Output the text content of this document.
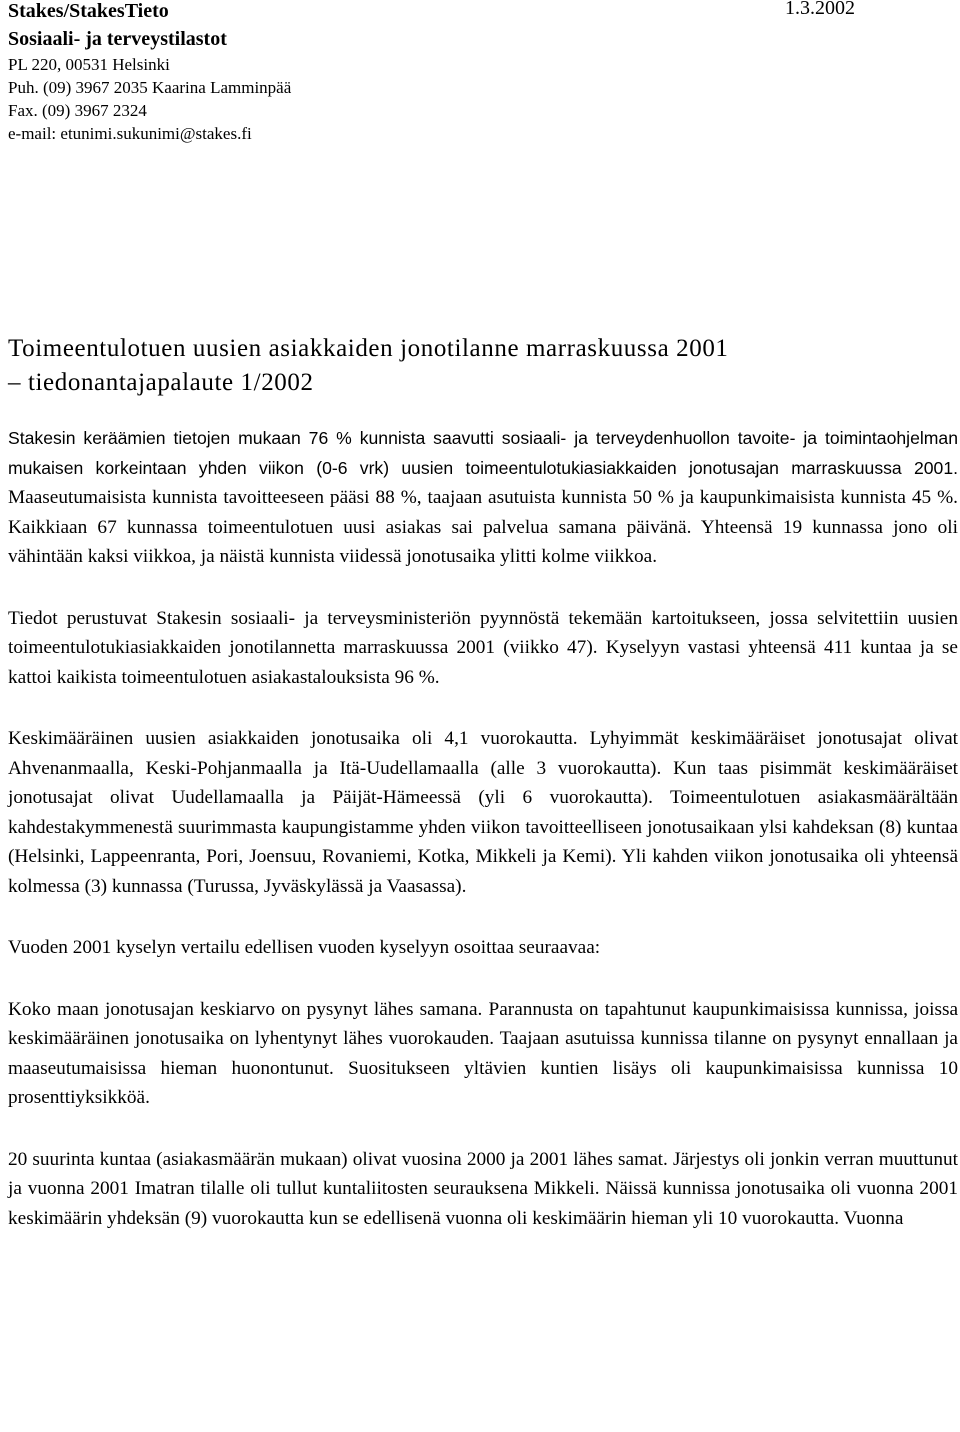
Stakes/StakesTieto	1.3.2002
Sosiaali- ja terveystilastot
PL 220, 00531 Helsinki
Puh. (09) 3967 2035 Kaarina Lamminpää
Fax. (09) 3967 2324
e-mail: etunimi.sukunimi@stakes.fi
Toimeentulotuen uusien asiakkaiden jonotilanne marraskuussa 2001
– tiedonantajapalaute 1/2002

Stakesin keräämien tietojen mukaan 76 % kunnista saavutti sosiaali- ja terveydenhuollon tavoite- ja toimintaohjelman mukaisen korkeintaan yhden viikon (0-6 vrk) uusien toimeentulotukiasiakkaiden jonotusajan marraskuussa 2001. Maaseutumaisista kunnista tavoitteeseen pääsi 88 %, taajaan asutuista kunnista 50 % ja kaupunkimaisista kunnista 45 %. Kaikkiaan 67 kunnassa toimeentulotuen uusi asiakas sai palvelua samana päivänä. Yhteensä 19 kunnassa jono oli vähintään kaksi viikkoa, ja näistä kunnista viidessä jonotusaika ylitti kolme viikkoa.

Tiedot perustuvat Stakesin sosiaali- ja terveysministeriön pyynnöstä tekemään kartoitukseen, jossa selvitettiin uusien toimeentulotukiasiakkaiden jonotilannetta marraskuussa 2001 (viikko 47). Kyselyyn vastasi yhteensä 411 kuntaa ja se kattoi kaikista toimeentulotuen asiakastalouksista 96 %.

Keskimääräinen uusien asiakkaiden jonotusaika oli 4,1 vuorokautta. Lyhyimmät keskimääräiset jonotusajat olivat Ahvenanmaalla, Keski-Pohjanmaalla ja Itä-Uudellamaalla (alle 3 vuorokautta). Kun taas pisimmät keskimääräiset jonotusajat olivat Uudellamaalla ja Päijät-Hämeessä (yli 6 vuorokautta). Toimeentulotuen asiakasmäärältään kahdestakymmenestä suurimmasta kaupungistamme yhden viikon tavoitteelliseen jonotusaikaan ylsi kahdeksan (8) kuntaa (Helsinki, Lappeenranta, Pori, Joensuu, Rovaniemi, Kotka, Mikkeli ja Kemi). Yli kahden viikon jonotusaika oli yhteensä kolmessa (3) kunnassa (Turussa, Jyväskylässä ja Vaasassa).

Vuoden 2001 kyselyn vertailu edellisen vuoden kyselyyn osoittaa seuraavaa:

Koko maan jonotusajan keskiarvo on pysynyt lähes samana. Parannusta on tapahtunut kaupunkimaisissa kunnissa, joissa keskimääräinen jonotusaika on lyhentynyt lähes vuorokauden. Taajaan asutuissa kunnissa tilanne on pysynyt ennallaan ja maaseutumaisissa hieman huonontunut. Suositukseen yltävien kuntien lisäys oli kaupunkimaisissa kunnissa 10 prosenttiyksikköä.

20 suurinta kuntaa (asiakasmäärän mukaan) olivat vuosina 2000 ja 2001 lähes samat. Järjestys oli jonkin verran muuttunut ja vuonna 2001 Imatran tilalle oli tullut kuntaliitosten seurauksena Mikkeli. Näissä kunnissa jonotusaika oli vuonna 2001 keskimäärin yhdeksän (9) vuorokautta kun se edellisenä vuonna oli keskimäärin hieman yli 10 vuorokautta. Vuonna
